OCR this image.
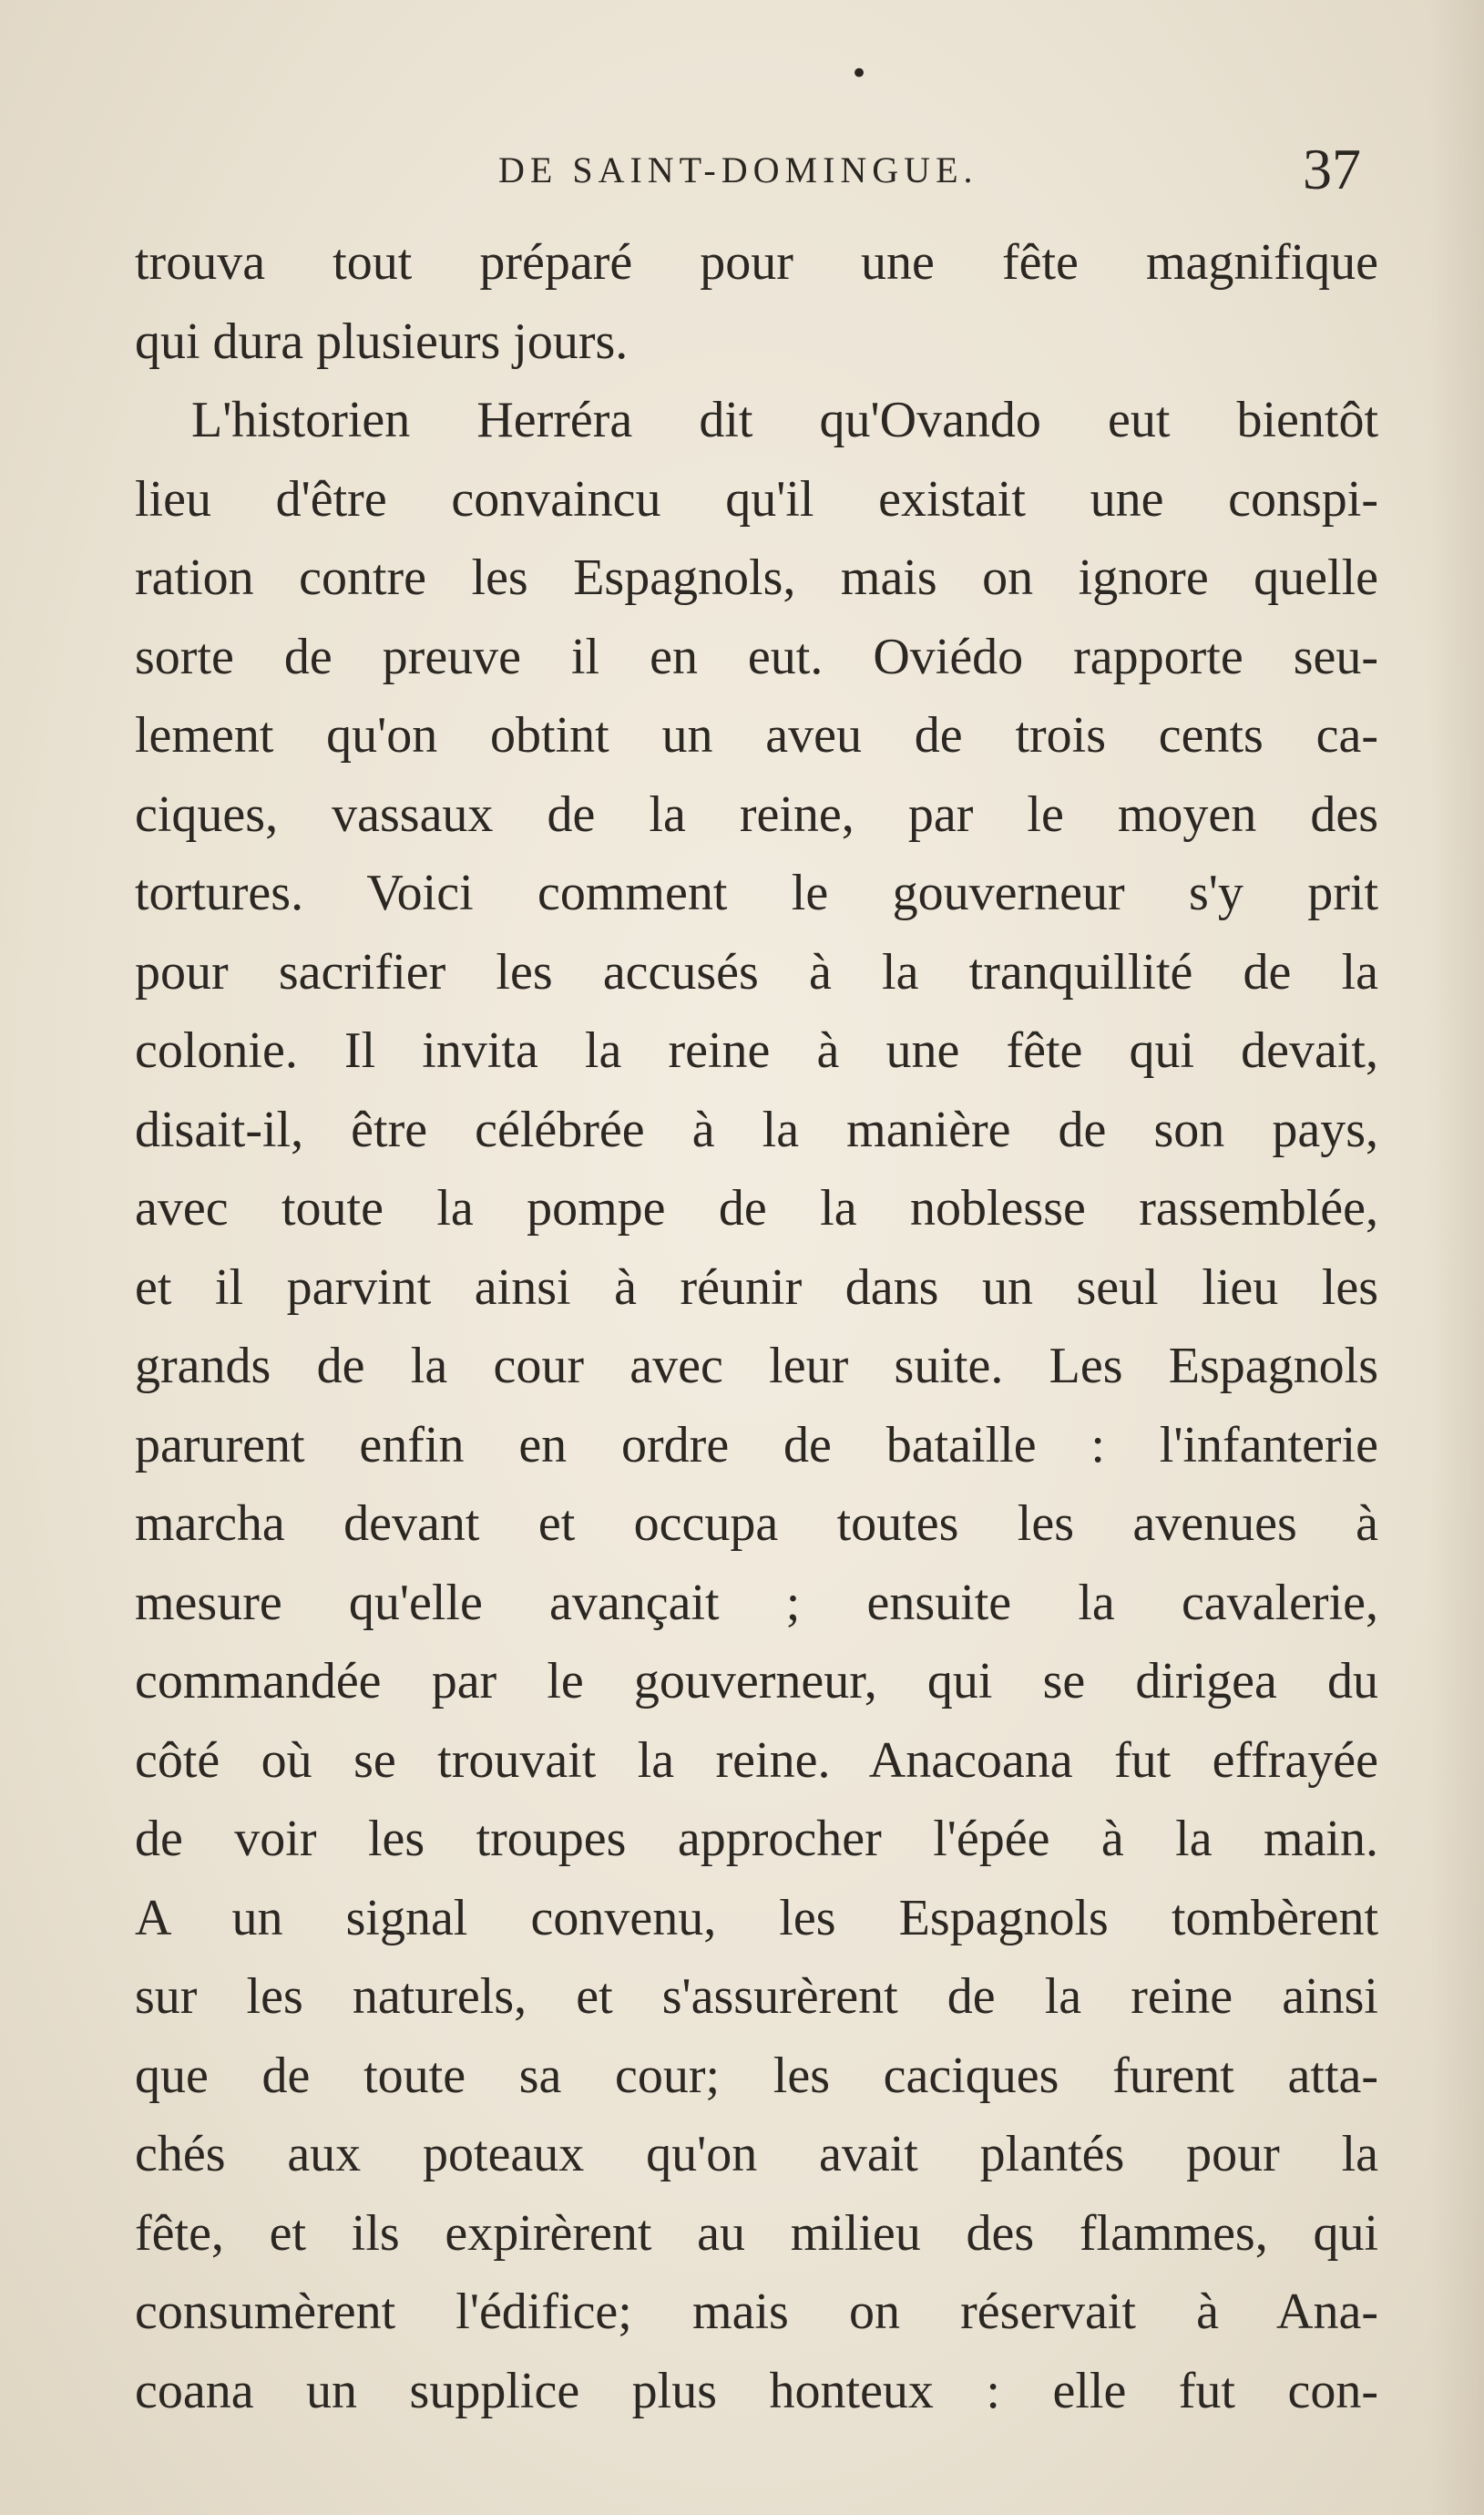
•
DE SAINT-DOMINGUE.	37
trouva tout préparé pour une fête magnifique
qui dura plusieurs jours.
L'historien Herréra dit qu'Ovando eut bientôt
lieu d'être convaincu qu'il existait une conspi-
ration contre les Espagnols, mais on ignore quelle
sorte de preuve il en eut. Oviédo rapporte seu-
lement qu'on obtint un aveu de trois cents ca-
ciques, vassaux de la reine, par le moyen des
tortures. Voici comment le gouverneur s'y prit
pour sacrifier les accusés à la tranquillité de la
colonie. Il invita la reine à une fête qui devait,
disait-il, être célébrée à la manière de son pays,
avec toute la pompe de la noblesse rassemblée,
et il parvint ainsi à réunir dans un seul lieu les
grands de la cour avec leur suite. Les Espagnols
parurent enfin en ordre de bataille : l'infanterie
marcha devant et occupa toutes les avenues à
mesure qu'elle avançait ; ensuite la cavalerie,
commandée par le gouverneur, qui se dirigea du
côté où se trouvait la reine. Anacoana fut effrayée
de voir les troupes approcher l'épée à la main.
A un signal convenu, les Espagnols tombèrent
sur les naturels, et s'assurèrent de la reine ainsi
que de toute sa cour; les caciques furent atta-
chés aux poteaux qu'on avait plantés pour la
fête, et ils expirèrent au milieu des flammes, qui
consumèrent l'édifice; mais on réservait à Ana-
coana un supplice plus honteux : elle fut con-
